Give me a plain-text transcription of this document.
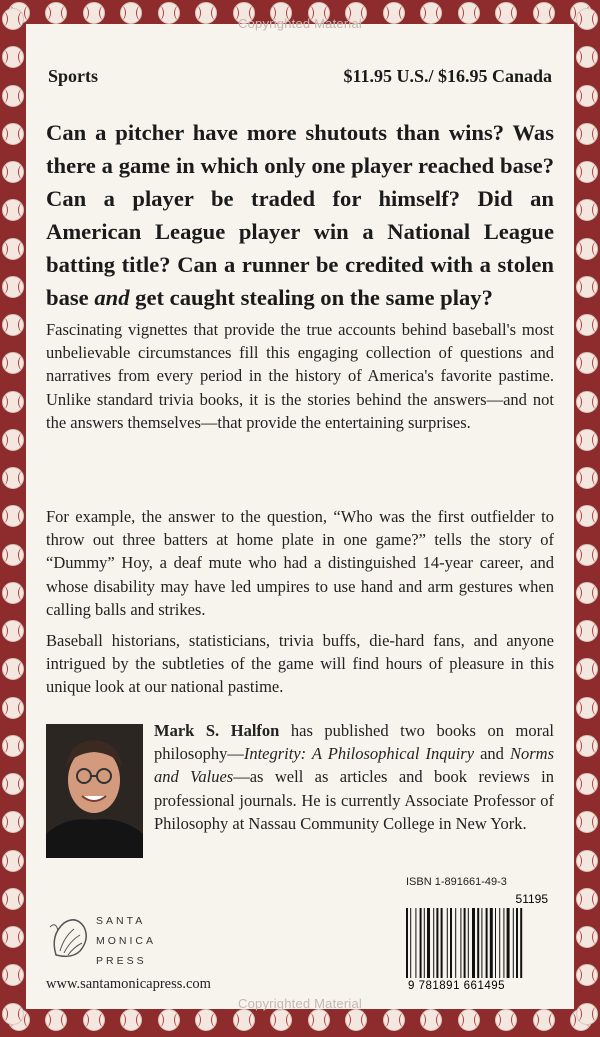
Sports	$11.95 U.S./ $16.95 Canada
Can a pitcher have more shutouts than wins? Was there a game in which only one player reached base? Can a player be traded for himself? Did an American League player win a National League batting title? Can a runner be credited with a stolen base and get caught stealing on the same play?

Fascinating vignettes that provide the true accounts behind baseball's most unbelievable circumstances fill this engaging collection of questions and narratives from every period in the history of America's favorite pastime. Unlike standard trivia books, it is the stories behind the answers—and not the answers themselves—that provide the entertaining surprises.

For example, the answer to the question, “Who was the first outfielder to throw out three batters at home plate in one game?” tells the story of “Dummy” Hoy, a deaf mute who had a distinguished 14-year career, and whose disability may have led umpires to use hand and arm gestures when calling balls and strikes.

Baseball historians, statisticians, trivia buffs, die-hard fans, and anyone intrigued by the subtleties of the game will find hours of pleasure in this unique look at our national pastime.

Mark S. Halfon has published two books on moral philosophy—Integrity: A Philosophical Inquiry and Norms and Values—as well as articles and book reviews in professional journals. He is currently Associate Professor of Philosophy at Nassau Community College in New York.
SANTA
MONICA
PRESS
www.santamonicapress.com
ISBN 1-891661-49-3
51195
9 781891 661495
Copyrighted Material
Copyrighted Material
